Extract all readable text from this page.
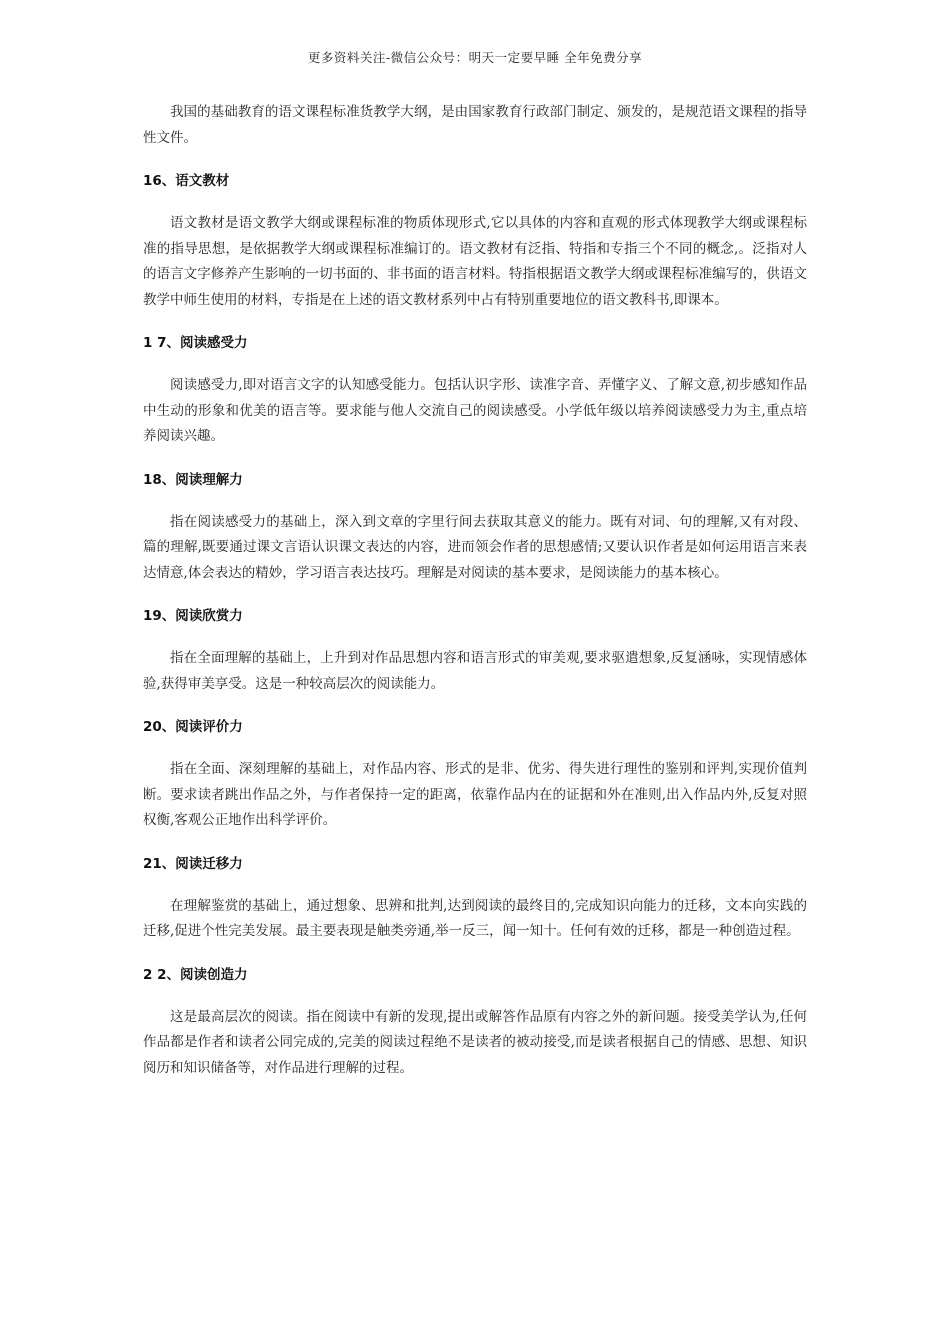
更多资料关注-微信公众号：明天一定要早睡 全年免费分享

我国的基础教育的语文课程标准货教学大纲，是由国家教育行政部门制定、颁发的，是规范语文课程的指导性文件。

16、语文教材

语文教材是语文教学大纲或课程标准的物质体现形式,它以具体的内容和直观的形式体现教学大纲或课程标准的指导思想，是依据教学大纲或课程标准编订的。语文教材有泛指、特指和专指三个不同的概念,。泛指对人的语言文字修养产生影响的一切书面的、非书面的语言材料。特指根据语文教学大纲或课程标准编写的，供语文教学中师生使用的材料，专指是在上述的语文教材系列中占有特别重要地位的语文教科书,即课本。

1 7、阅读感受力

阅读感受力,即对语言文字的认知感受能力。包括认识字形、读准字音、弄懂字义、了解文意,初步感知作品中生动的形象和优美的语言等。要求能与他人交流自己的阅读感受。小学低年级以培养阅读感受力为主,重点培养阅读兴趣。

18、阅读理解力

指在阅读感受力的基础上，深入到文章的字里行间去获取其意义的能力。既有对词、句的理解,又有对段、篇的理解,既要通过课文言语认识课文表达的内容，进而领会作者的思想感情;又要认识作者是如何运用语言来表达情意,体会表达的精妙，学习语言表达技巧。理解是对阅读的基本要求，是阅读能力的基本核心。

19、阅读欣赏力

指在全面理解的基础上，上升到对作品思想内容和语言形式的审美观,要求驱遣想象,反复涵咏，实现情感体验,获得审美享受。这是一种较高层次的阅读能力。

20、阅读评价力

指在全面、深刻理解的基础上，对作品内容、形式的是非、优劣、得失进行理性的鉴别和评判,实现价值判断。要求读者跳出作品之外，与作者保持一定的距离，依靠作品内在的证据和外在准则,出入作品内外,反复对照权衡,客观公正地作出科学评价。

21、阅读迁移力

在理解鉴赏的基础上，通过想象、思辨和批判,达到阅读的最终目的,完成知识向能力的迁移，文本向实践的迁移,促进个性完美发展。最主要表现是触类旁通,举一反三，闻一知十。任何有效的迁移，都是一种创造过程。

2 2、阅读创造力

这是最高层次的阅读。指在阅读中有新的发现,提出或解答作品原有内容之外的新问题。接受美学认为,任何作品都是作者和读者公同完成的,完美的阅读过程绝不是读者的被动接受,而是读者根据自己的情感、思想、知识阅历和知识储备等，对作品进行理解的过程。
